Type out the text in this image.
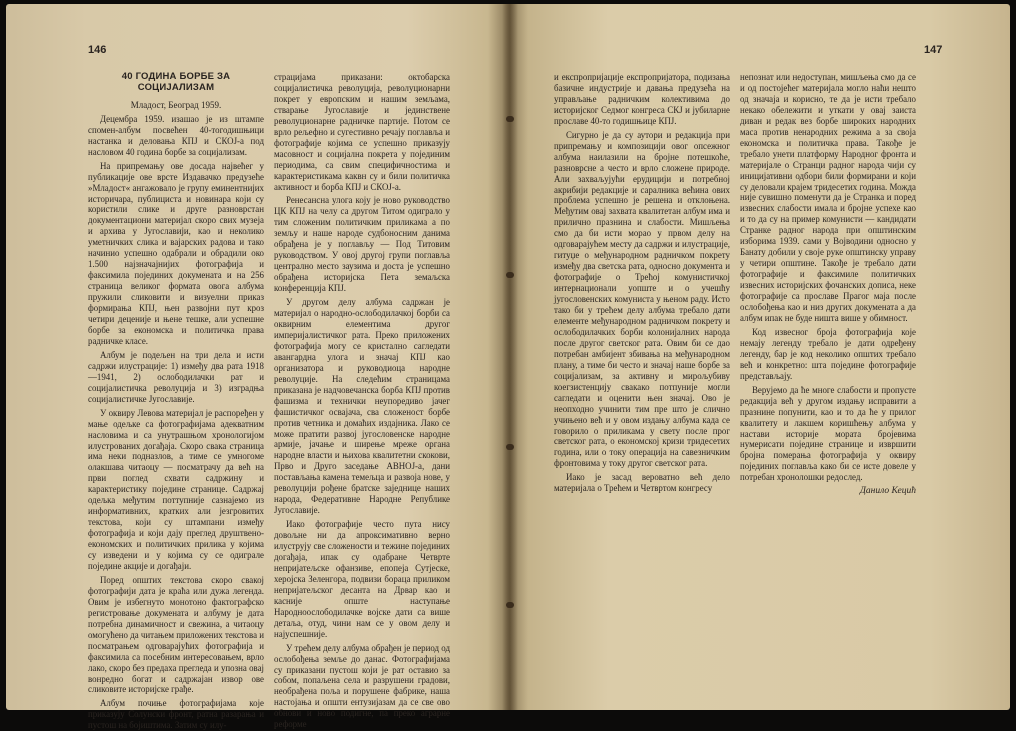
146
40 ГОДИНА БОРБЕ ЗА СОЦИЈАЛИЗАМ

Младост, Београд 1959.

Децембра 1959. изашао је из штампе спомен-албум посвећен 40-тогодишњици настанка и деловања КПЈ и СКОЈ-а под насловом 40 година борбе за социјализам.

На припремању ове досада највећег у публикације ове врсте Издавачко предузеће »Младост« ангажовало је групу еминентнијих историчара, публициста и новинара који су користили слике и друге разноврстан документациони материјал скоро свих музеја и архива у Југославији, као и неколико уметничких слика и вајарских радова и тако начинио успешно одабрали и обрадили око 1.500 најзначајнијих фотографија и факсимила појединих докумената и на 256 страница великог формата овога албума пружили сликовити и визуелни приказ формирања КПЈ, њен развојни пут кроз четири деценије и њене тешке, али успешне борбе за економска и политичка права радничке класе.

Албум је подељен на три дела и исти садржи илустрације: 1) између два рата 1918—1941, 2) ослободилачки рат и социјалистичка револуција и 3) изградња социјалистичке Југославије.

У оквиру Левова материјал је распоређен у мање одељке са фотографијама адекватним насловима и са унутрашњом хронологијом илустрованих догађаја. Скоро свака страница има неки подназлов, а тиме се умногоме олакшава читаоцу — посматрачу да већ на први поглед схвати садржину и карактеристику поједине странице. Садржај одељка међутим поттупније сазнајемо из информативних, кратких али језгровитих текстова, који су штампани између фотографија и који дају преглед друштвено-економских и политичких прилика у којима су изведени и у којима су се одиграле поједине акције и догађаји.

Поред општих текстова скоро свакој фотографији дата је краћа или дужа легенда. Овим је избегнуто монотоно фактографско регистровање докумената и албуму је дата потребна динамичност и свежина, а читаоцу омогућено да читањем приложених текстова и посматрањем одговарајућих фотографија и факсимила са посебним интересовањем, врло лако, скоро без предаха прегледа и упозна овај вонредно богат и садржајан извор ове сликовите историјске грађе.

Албум почиње фотографијама које приказују Солунски фронт, ратна разарања и пустош на бојиштима. Затим су илу-

страцијама приказани: октобарска социјалистичка револуција, револуционарни покрет у европским и нашим земљама, стварање Југославије и јединствене револуционарне радничке партије. Потом се врло рељефно и сугестивно речају поглавља и фотографије којима се успешно приказују масовност и социјална покрета у појединим периодима, са свим специфичностима и карактеристикама каквн су и били политичка активност и борба КПЈ и СКОЈ-а.

Ренесансна улога коју је ново руководство ЦК КПЈ на челу са другом Титом одиграло у тим сложеним политичким приликама а по земљу и наше народе судбоносним данима обрађена је у поглављу — Под Титовим руководством. У овој другој групи поглавља централно место заузима и доста је успешно обрађена историјска Пета земаљска конференција КПЈ.

У другом делу албума садржан је материјал о народно-ослободилачкој борби са оквирним елементима другог империјалистичког рата. Преко приложених фотографија могу се кристално сагледати авангардна улога и значај КПЈ као организатора и руководиоца народне револуције. На следећим страницама приказана је надчовечанска борба КПЈ против фашизма и технички неупоредиво јачег фашистичког освајача, сва сложеност борбе против четника и домаћих издајника. Лако се може пратити развој југословенске народне армије, јачање и ширење мреже органа народне власти и њихова квалитетни скокови, Прво и Друго заседање АВНОЈ-а, дани постављања камена темељца и развоја нове, у револуцији рођене братске заједнице наших народа, Федеративне Народне Републике Југославије.

Иако фотографије често пута нису довољне ни да апроксимативно верно илуструју све сложености и тежине појединих догађаја, ипак су одабране Четврте непријатељске офанзиве, епопеја Сутјеске, херојска Зеленгора, подвизи бораца приликом непријатељског десанта на Дрвар као и касније опште наступање Народноослободилачке војске дати са више детаља, отуд, чини нам се у овом делу и најуспешније.

У трећем делу албума обрађен је период од ослобођења земље до данас. Фотографијама су приказани пустош који је рат оставио за собом, попаљена села и разрушени градови, необрађена поља и порушене фабрике, наша настојања и општи ентузијазам да се све ово обнови и ново подигне, па преко аграрне реформе

147

и експропријације експропријатора, подизања базичне индустрије и давања предузећа на управљање радничким колективима до историјског Седмог конгреса СКЈ и јубиларне прославе 40-то годишњице КПЈ.

Сигурно је да су аутори и редакција при припремању и композицији овог опсежног албума наилазили на бројне потешкоће, разноврсне а често и врло сложене природе. Али захваљујући ерудицији и потребној акрибији редакције и саралника већина ових проблема успешно је решена и отклоњена. Међутим овај захвата квалитетан албум има и прилично празнина и слабости. Мишљења смо да би исти морао у првом делу на одговарајућем месту да садржи и илустрације, гитуџе о међународном радничком покрету између два светска рата, односно документа и фотографије о Трећој комунистичкој интернационали уопште и о учешћу југословенских комуниста у њеном раду. Исто тако би у трећем делу албума требало дати елементе међународном радничком покрету и ослободилачких борби колонијалних народа после другог светског рата. Овим би се дао потребан амбијент збивања на међународном плану, а тиме би често и значај наше борбе за социјализам, за активну и мирољубиву коегзистенцију свакако потпуније могли сагледати и оценити њен значај. Ово је неопходно учинити тим пре што је слично учињено већ и у овом издању албума када се говорило о приликама у свету после прог светског рата, о економској кризи тридесетих година, или о току операција на савезничким фронтовима у току другог светског рата.

Иако је засад вероватно већ дело материјала о Трећем и Четвртом конгресу

непознат или недоступан, мишљења смо да се и од постојећег материјала могло наћи нешто од значаја и корисно, те да је исти требало некако обележити и уткати у овај заиста диван и редак вез борбе широких народних маса против ненародних режима а за своја економска и политичка права. Такође је требало унети платформу Народног фронта и материјале о Странци радног народа чији су иницијативни одбори били формирани и који су деловали крајем тридесетих година. Можда није сувишно поменути да је Странка и поред извесних слабости имала и бројне успехе као и то да су на пример комунисти — кандидати Странке радног народа при општинским изборима 1939. сами у Војводини односно у Банату добили у своје руке општинску управу у четири општине. Такође је требало дати фотографије и факсимиле политичких извесних историјских фочанских дописа, неке фотографије са прославе Прагог маја после ослобођења као и низ других докумената а да албум ипак не буде ништа више у обимност.

Код извесног броја фотографија које немају легенду требало је дати одређену легенду, бар је код неколико општих требало већ и конкретно: шта поједине фотографије представљају.

Верујемо да ће многе слабости и пропусте редакција већ у другом издању исправити а празнине попунити, као и то да ће у прилог квалитету и лакшем коришћењу албума у настави историје мората бројевима нумерисати поједине странице и извршити бројна померања фотографија у оквиру појединих поглавља како би се исте довеле у потребан хронолошки редослед.

Данило Кецић
